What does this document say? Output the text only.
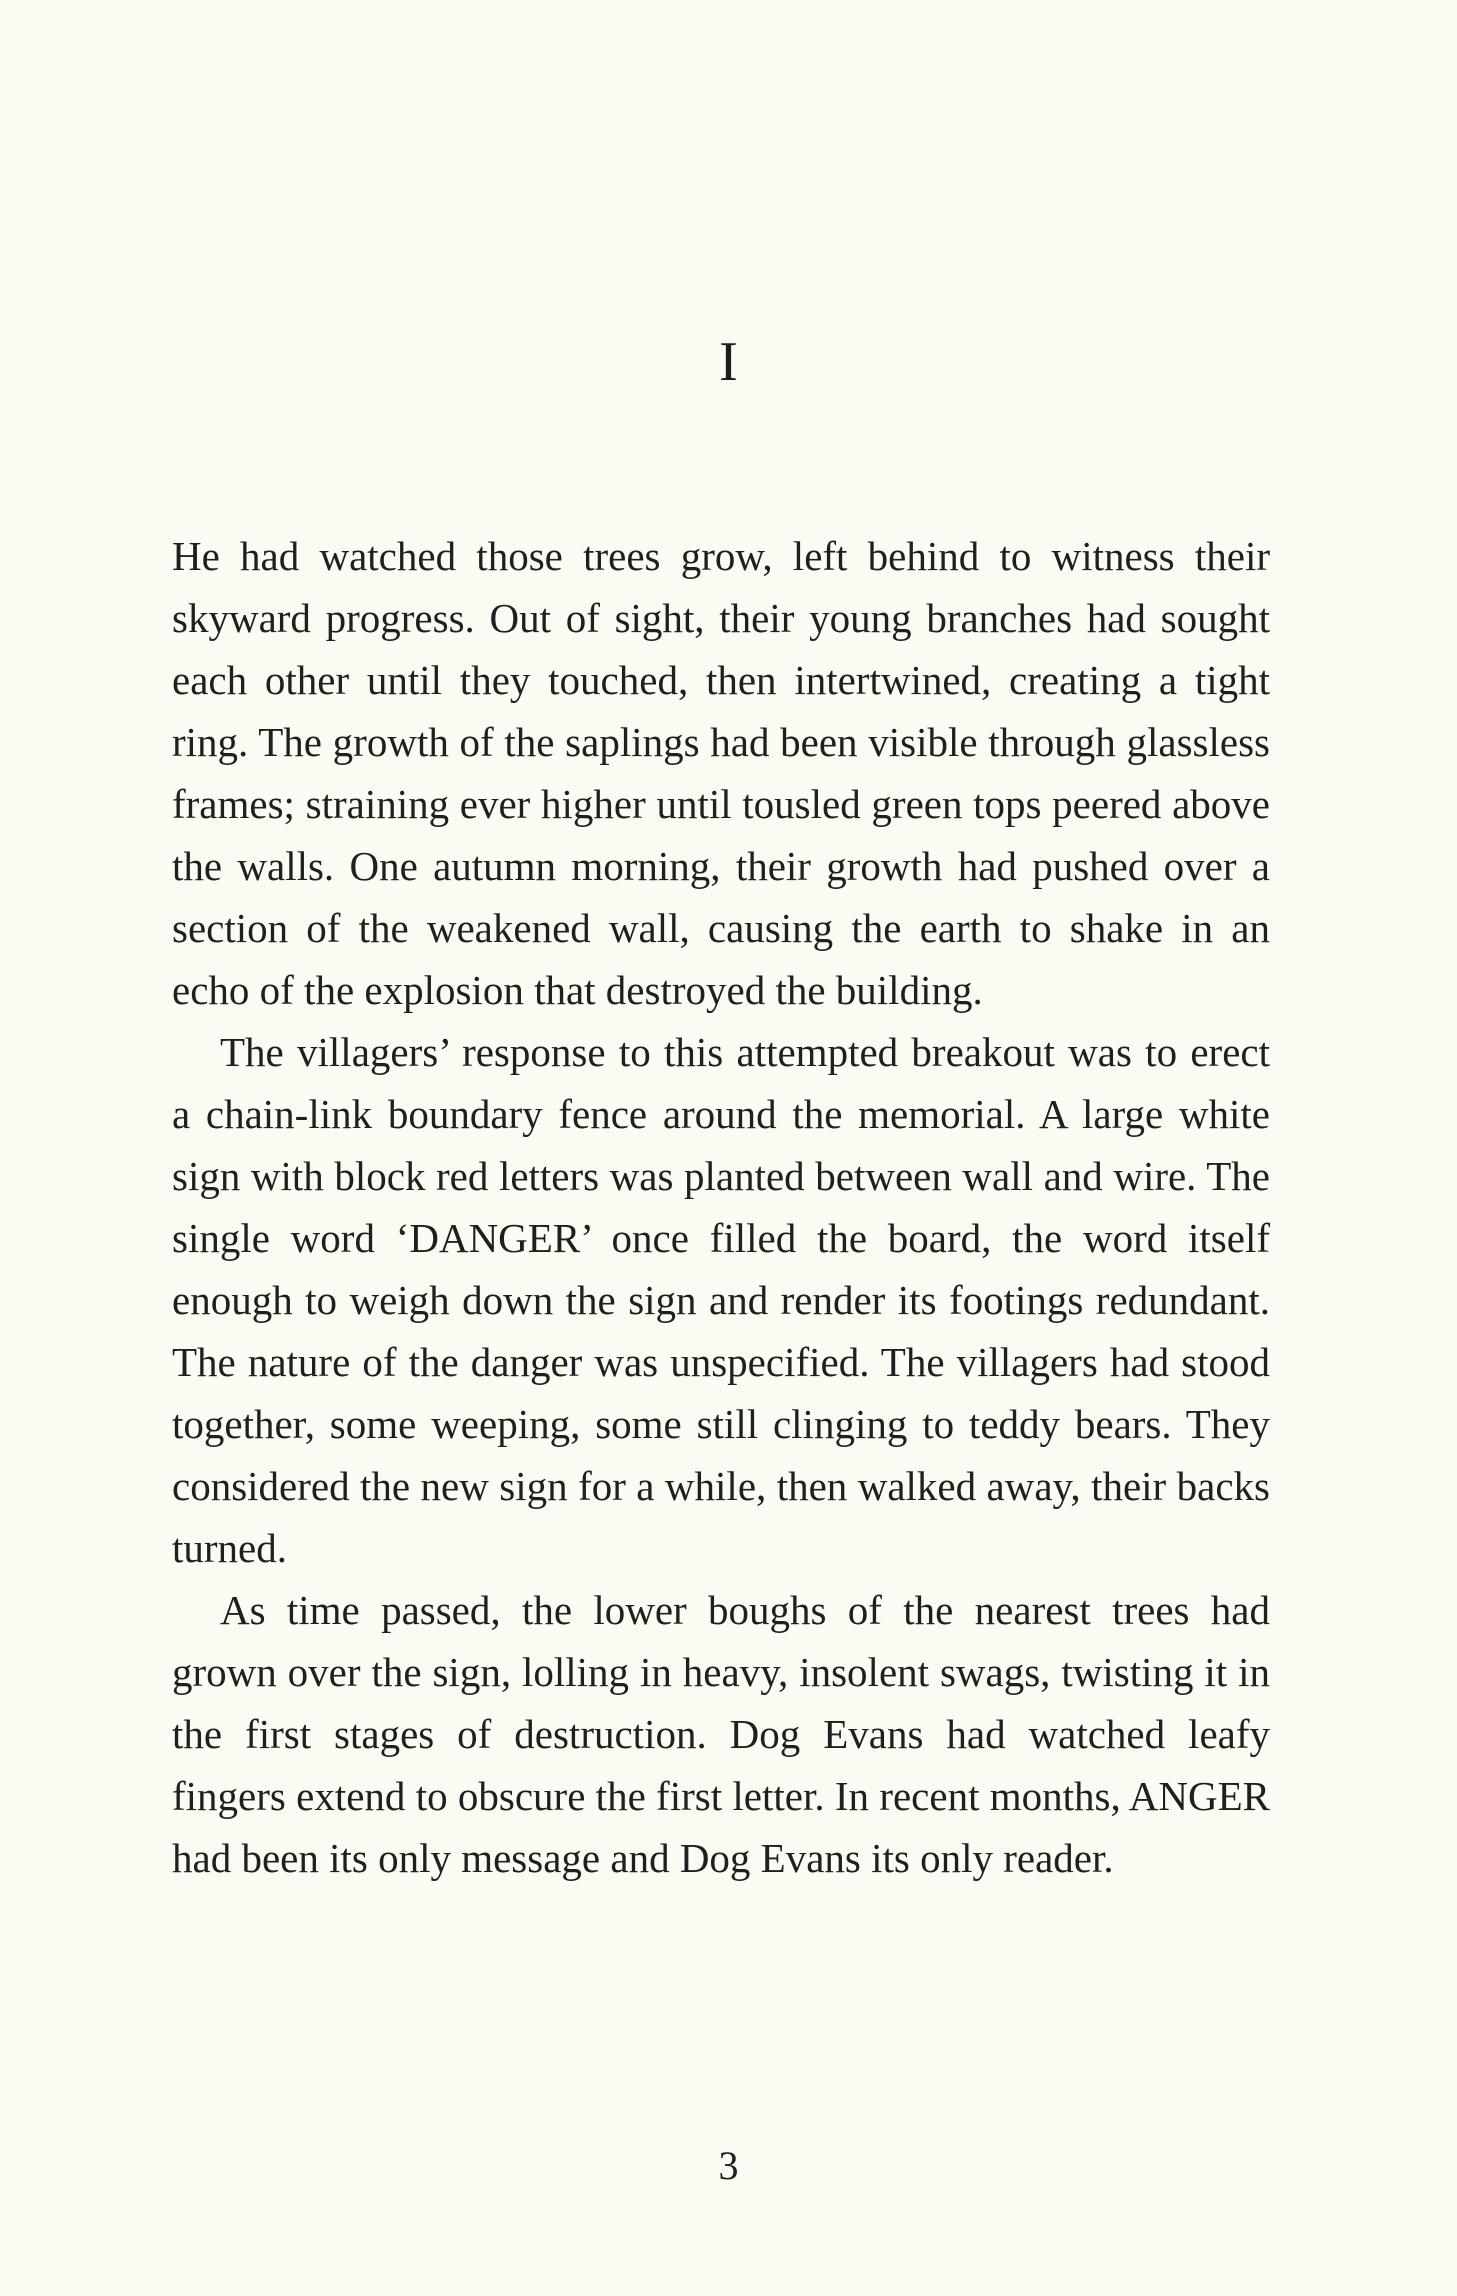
I

He had watched those trees grow, left behind to witness their skyward progress. Out of sight, their young branches had sought each other until they touched, then intertwined, creating a tight ring. The growth of the saplings had been visible through glassless frames; straining ever higher until tousled green tops peered above the walls. One autumn morning, their growth had pushed over a section of the weakened wall, causing the earth to shake in an echo of the explosion that destroyed the building.

The villagers’ response to this attempted breakout was to erect a chain-link boundary fence around the memorial. A large white sign with block red letters was planted between wall and wire. The single word ‘DANGER’ once filled the board, the word itself enough to weigh down the sign and render its footings redundant. The nature of the danger was unspecified. The villagers had stood together, some weeping, some still clinging to teddy bears. They considered the new sign for a while, then walked away, their backs turned.

As time passed, the lower boughs of the nearest trees had grown over the sign, lolling in heavy, insolent swags, twisting it in the first stages of destruction. Dog Evans had watched leafy fingers extend to obscure the first letter. In recent months, ANGER had been its only message and Dog Evans its only reader.

3
